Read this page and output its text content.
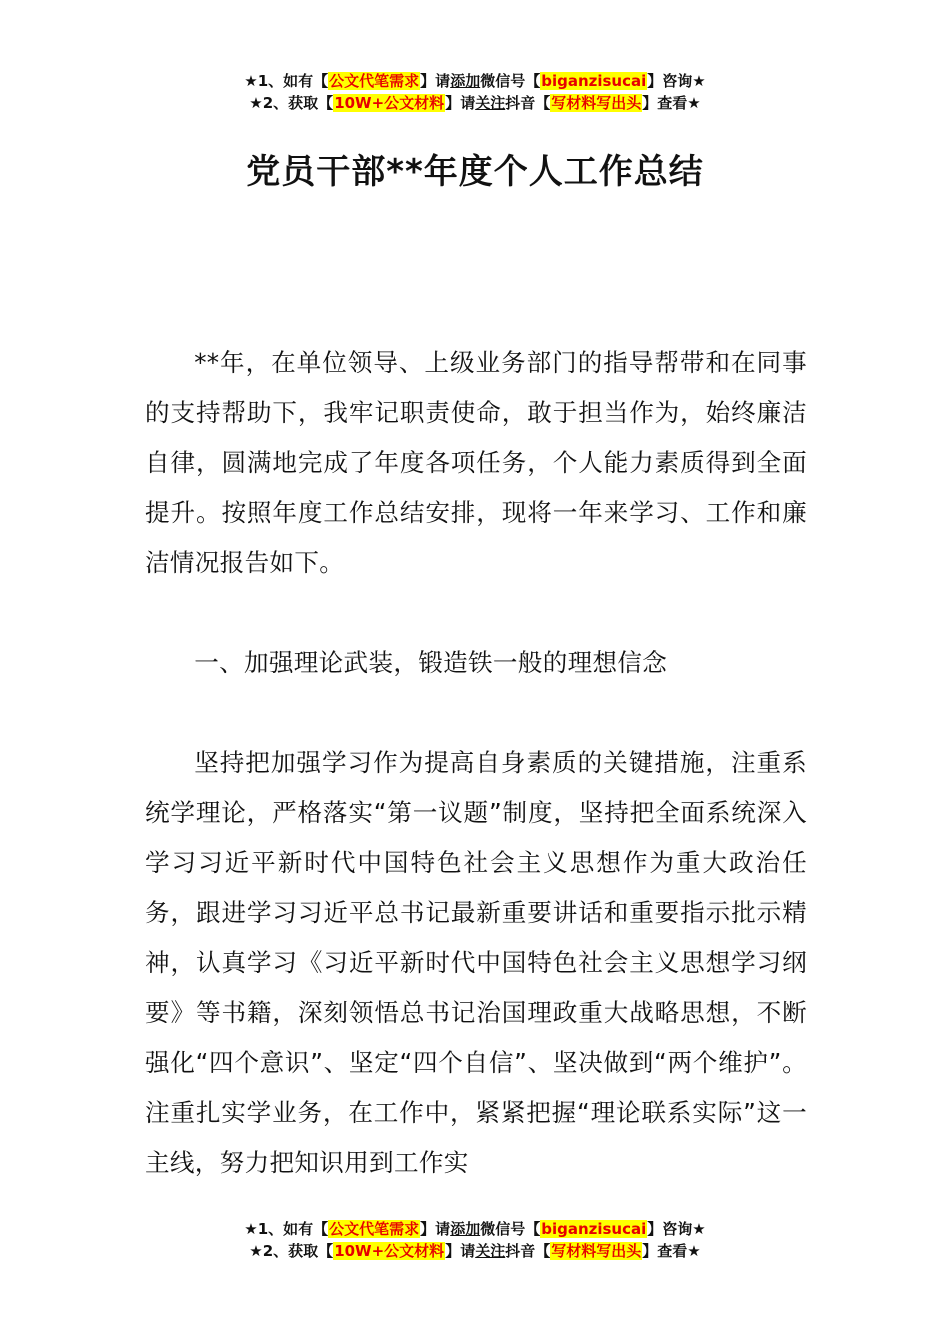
★1、如有【公文代笔需求】请添加微信号【biganzisucai】咨询★
★2、获取【10W+公文材料】请关注抖音【写材料写出头】查看★
党员干部**年度个人工作总结

**年，在单位领导、上级业务部门的指导帮带和在同事的支持帮助下，我牢记职责使命，敢于担当作为，始终廉洁自律，圆满地完成了年度各项任务，个人能力素质得到全面提升。按照年度工作总结安排，现将一年来学习、工作和廉洁情况报告如下。

一、加强理论武装，锻造铁一般的理想信念

坚持把加强学习作为提高自身素质的关键措施，注重系统学理论，严格落实“第一议题”制度，坚持把全面系统深入学习习近平新时代中国特色社会主义思想作为重大政治任务，跟进学习习近平总书记最新重要讲话和重要指示批示精神，认真学习《习近平新时代中国特色社会主义思想学习纲要》等书籍，深刻领悟总书记治国理政重大战略思想，不断强化“四个意识”、坚定“四个自信”、坚决做到“两个维护”。注重扎实学业务，在工作中，紧紧把握“理论联系实际”这一主线，努力把知识用到工作实

★1、如有【公文代笔需求】请添加微信号【biganzisucai】咨询★
★2、获取【10W+公文材料】请关注抖音【写材料写出头】查看★
